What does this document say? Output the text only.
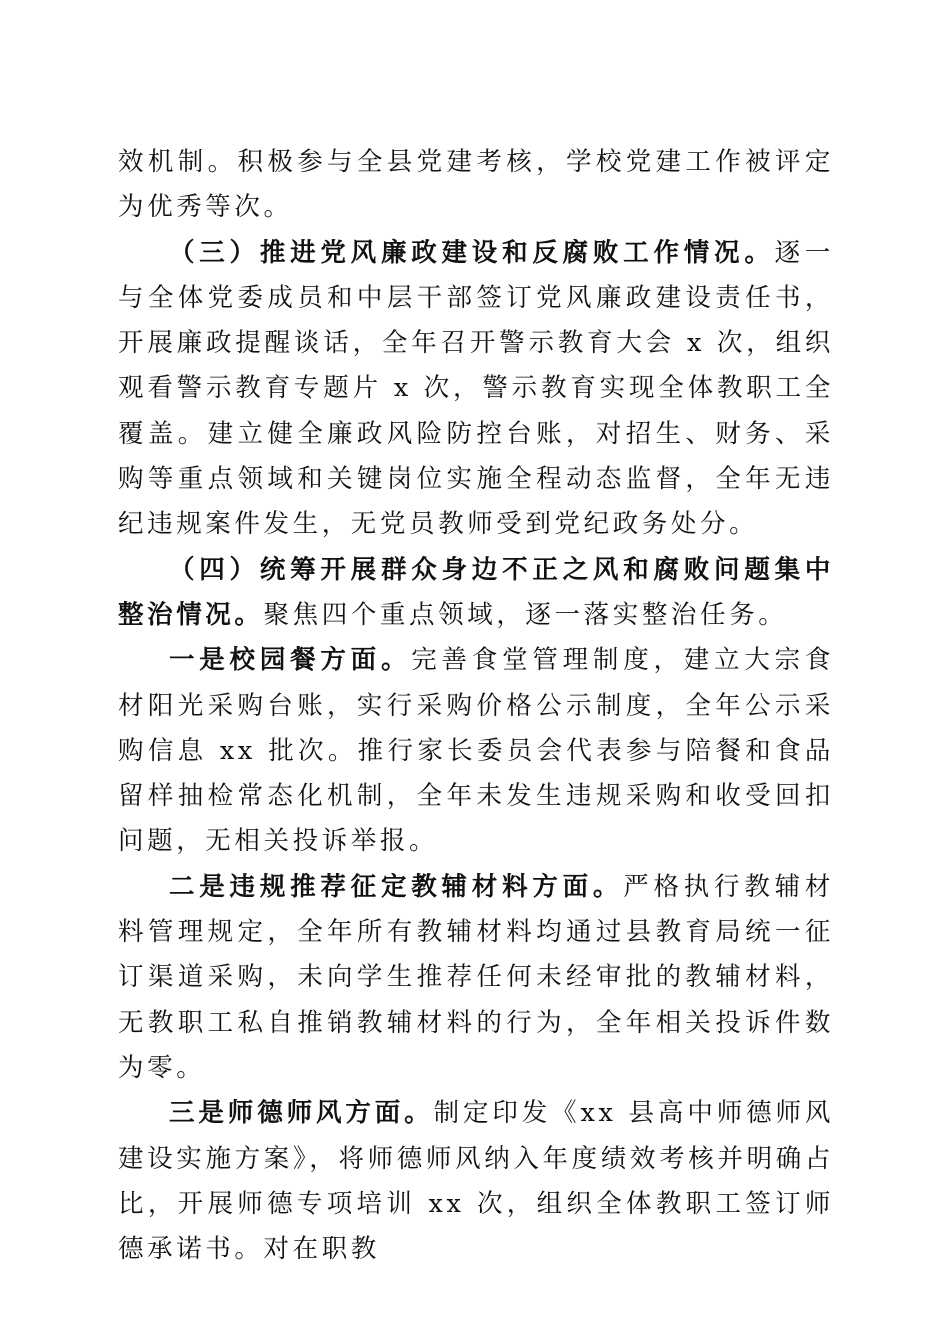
效机制。积极参与全县党建考核，学校党建工作被评定为优秀等次。

（三）推进党风廉政建设和反腐败工作情况。逐一与全体党委成员和中层干部签订党风廉政建设责任书，开展廉政提醒谈话，全年召开警示教育大会 x 次，组织观看警示教育专题片 x 次，警示教育实现全体教职工全覆盖。建立健全廉政风险防控台账，对招生、财务、采购等重点领域和关键岗位实施全程动态监督，全年无违纪违规案件发生，无党员教师受到党纪政务处分。

（四）统筹开展群众身边不正之风和腐败问题集中整治情况。聚焦四个重点领域，逐一落实整治任务。

一是校园餐方面。完善食堂管理制度，建立大宗食材阳光采购台账，实行采购价格公示制度，全年公示采购信息 xx 批次。推行家长委员会代表参与陪餐和食品留样抽检常态化机制，全年未发生违规采购和收受回扣问题，无相关投诉举报。

二是违规推荐征定教辅材料方面。严格执行教辅材料管理规定，全年所有教辅材料均通过县教育局统一征订渠道采购，未向学生推荐任何未经审批的教辅材料，无教职工私自推销教辅材料的行为，全年相关投诉件数为零。

三是师德师风方面。制定印发《xx 县高中师德师风建设实施方案》，将师德师风纳入年度绩效考核并明确占比，开展师德专项培训 xx 次，组织全体教职工签订师德承诺书。对在职教
